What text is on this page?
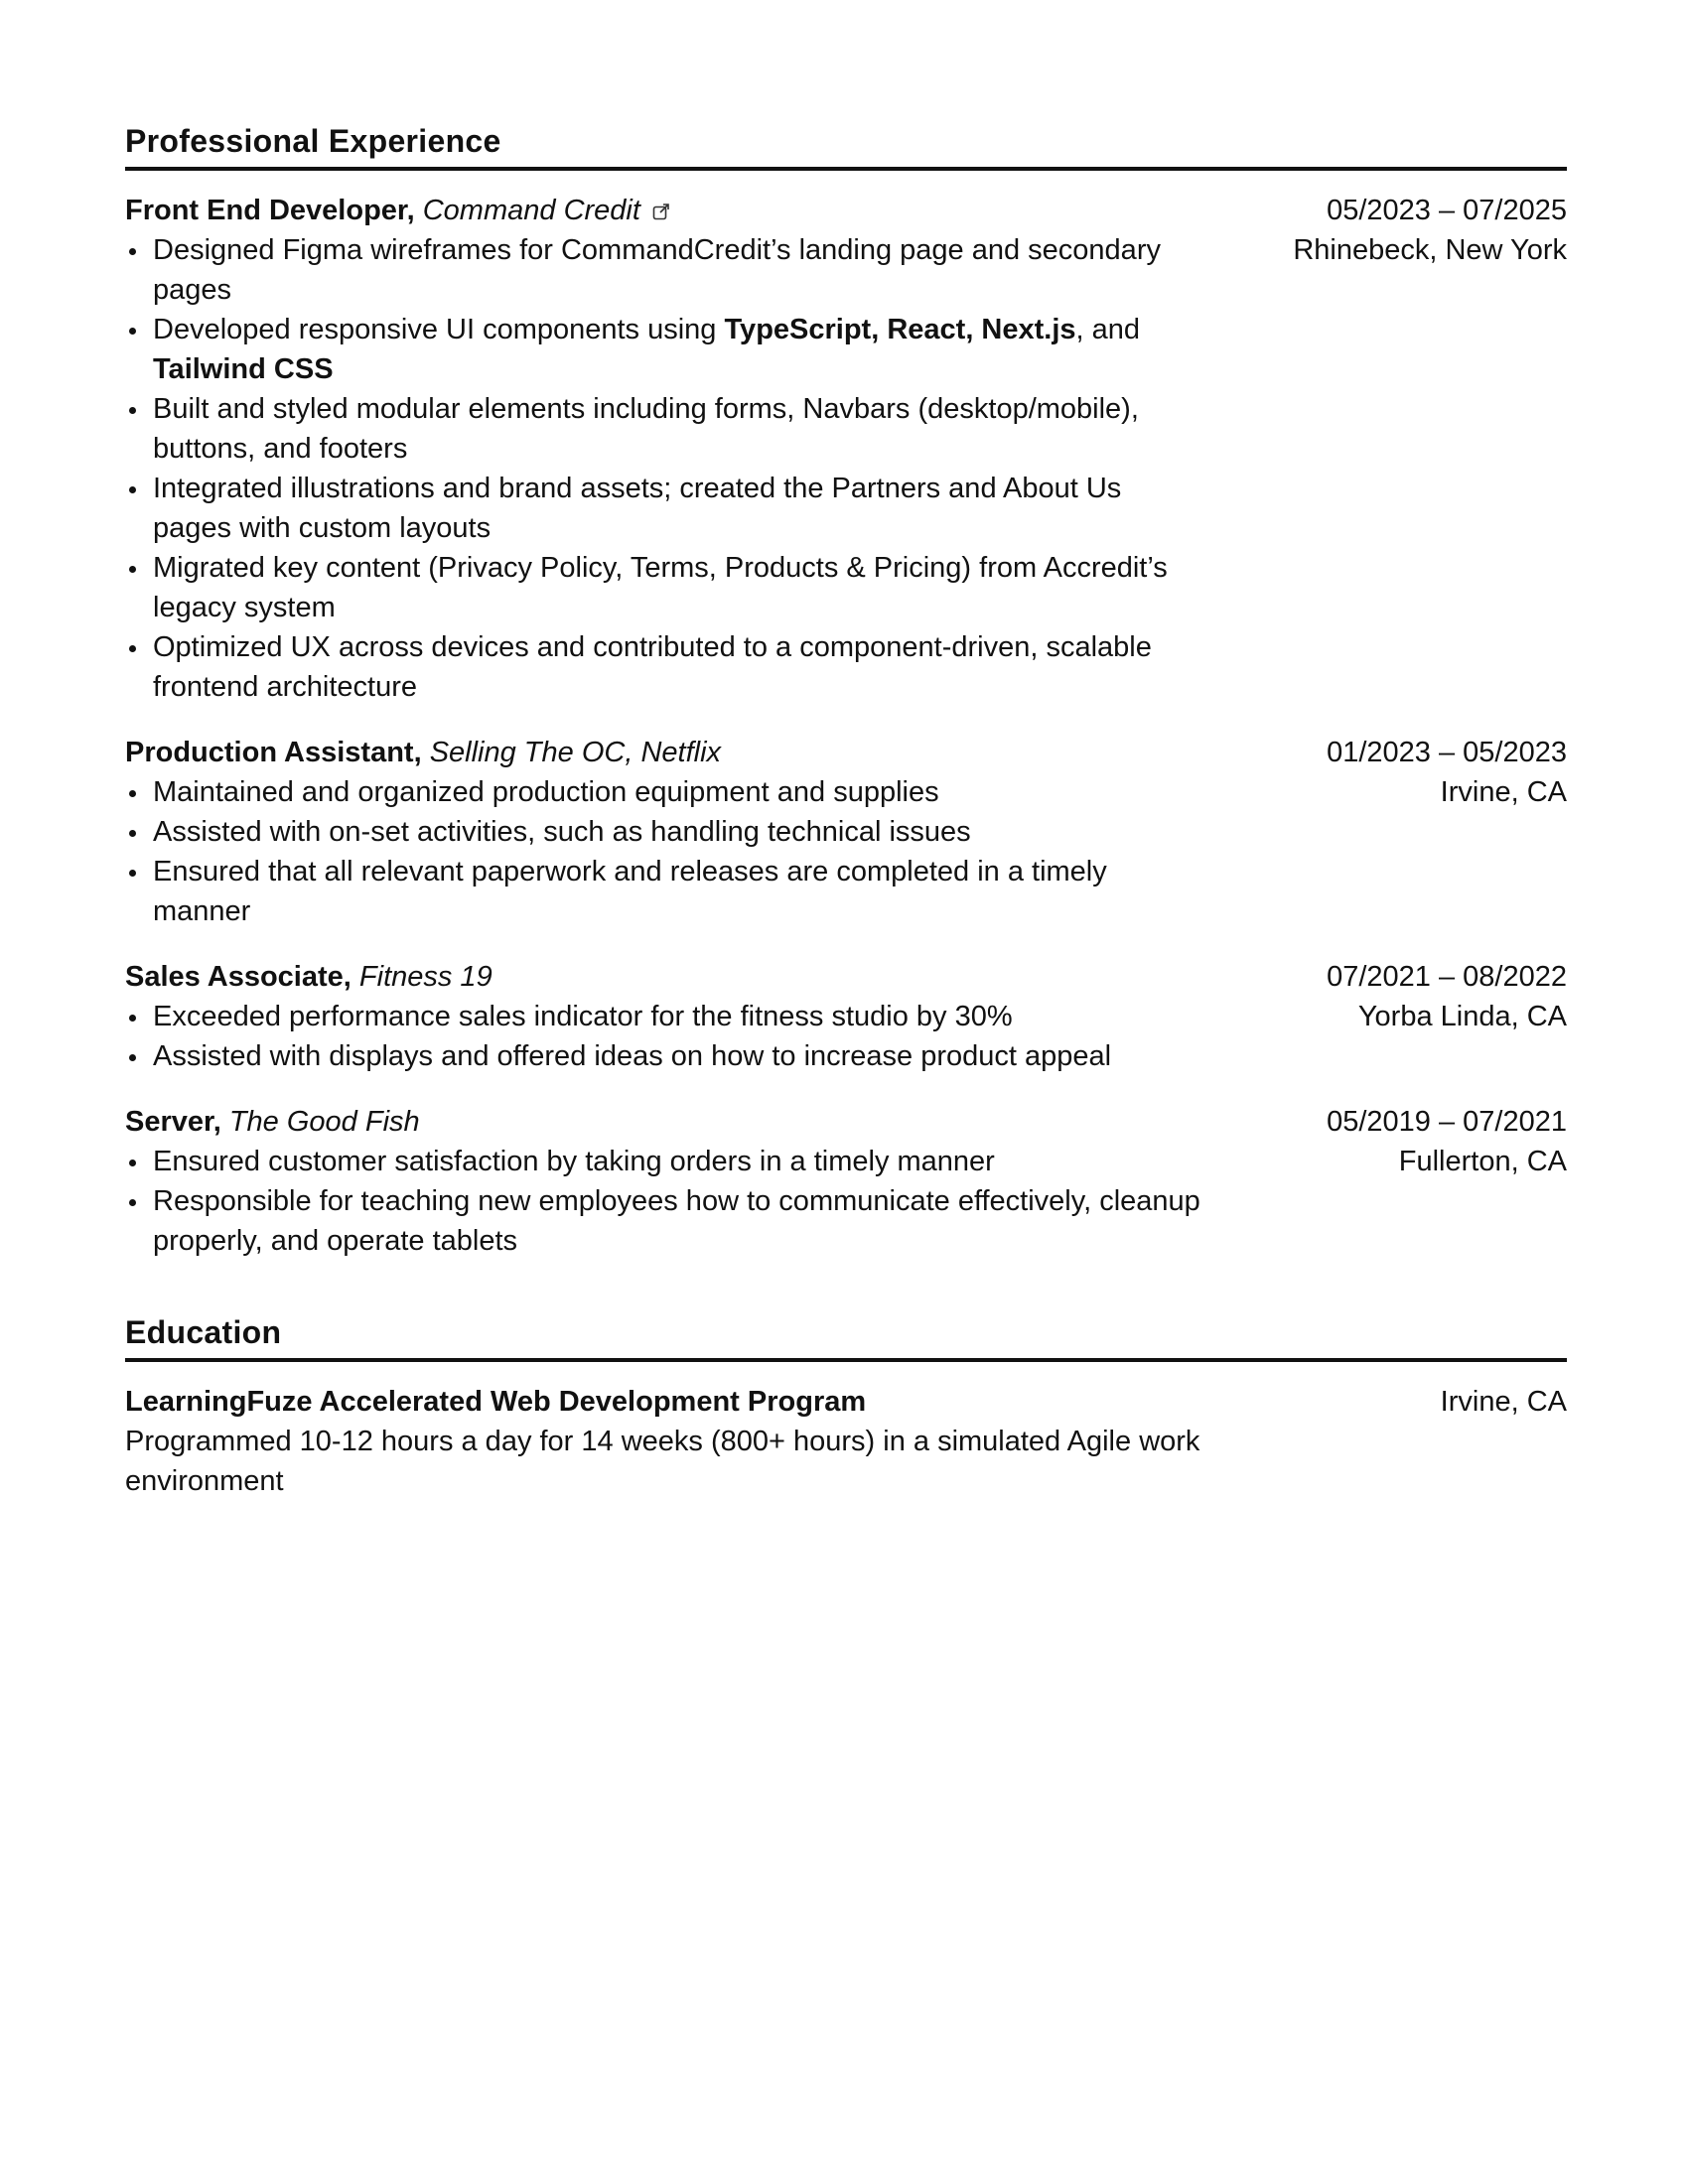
Professional Experience
Front End Developer, Command Credit
Designed Figma wireframes for CommandCredit’s landing page and secondary pages
Developed responsive UI components using TypeScript, React, Next.js, and Tailwind CSS
Built and styled modular elements including forms, Navbars (desktop/mobile), buttons, and footers
Integrated illustrations and brand assets; created the Partners and About Us pages with custom layouts
Migrated key content (Privacy Policy, Terms, Products & Pricing) from Accredit’s legacy system
Optimized UX across devices and contributed to a component-driven, scalable frontend architecture
05/2023 – 07/2025
Rhinebeck, New York
Production Assistant, Selling The OC, Netflix
Maintained and organized production equipment and supplies
Assisted with on-set activities, such as handling technical issues
Ensured that all relevant paperwork and releases are completed in a timely manner
01/2023 – 05/2023
Irvine, CA
Sales Associate, Fitness 19
Exceeded performance sales indicator for the fitness studio by 30%
Assisted with displays and offered ideas on how to increase product appeal
07/2021 – 08/2022
Yorba Linda, CA
Server, The Good Fish
Ensured customer satisfaction by taking orders in a timely manner
Responsible for teaching new employees how to communicate effectively, cleanup properly, and operate tablets
05/2019 – 07/2021
Fullerton, CA
Education
LearningFuze Accelerated Web Development Program
Programmed 10-12 hours a day for 14 weeks (800+ hours) in a simulated Agile work environment
Irvine, CA
